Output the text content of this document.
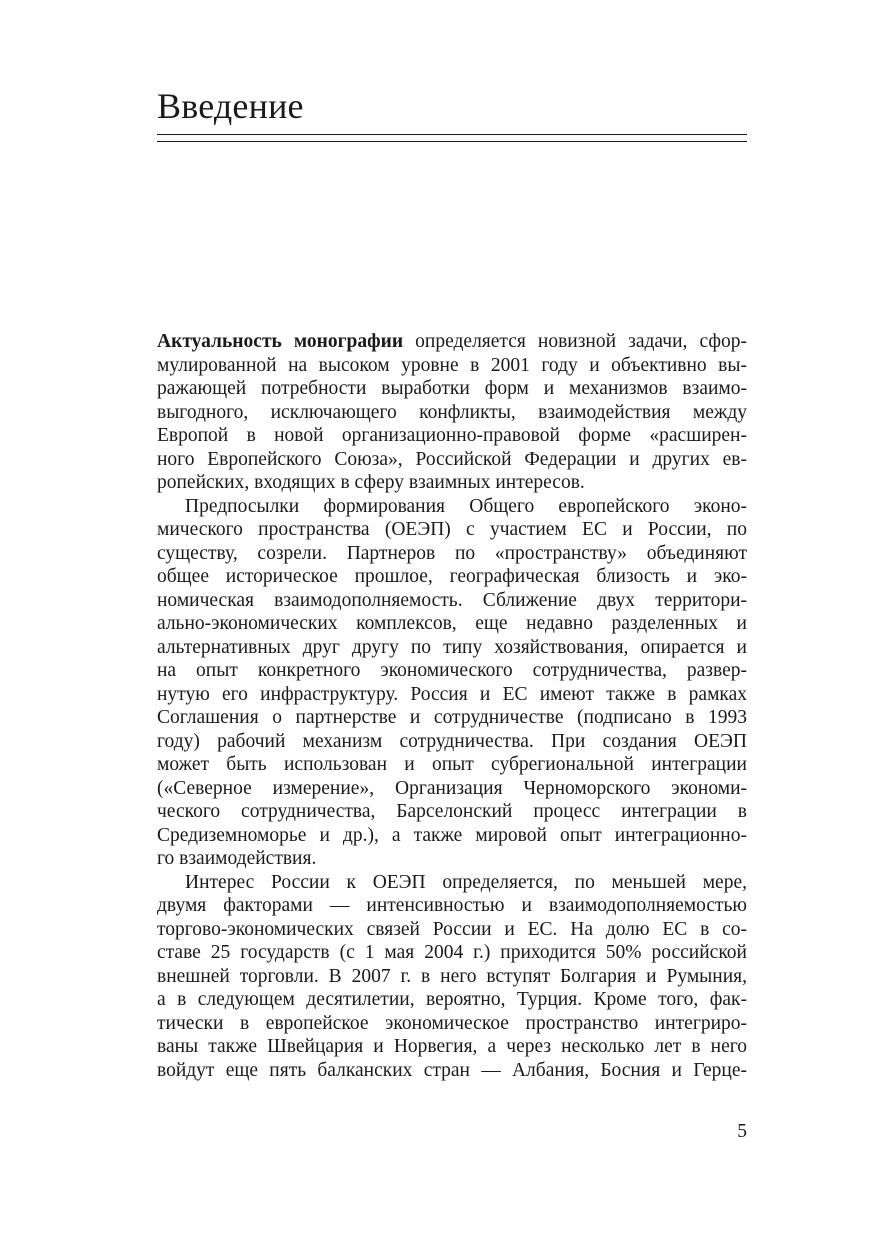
Введение
Актуальность монографии определяется новизной задачи, сфор-
мулированной на высоком уровне в 2001 году и объективно вы-
ражающей потребности выработки форм и механизмов взаимо-
выгодного, исключающего конфликты, взаимодействия между
Европой в новой организационно-правовой форме «расширен-
ного Европейского Союза», Российской Федерации и других ев-
ропейских, входящих в сферу взаимных интересов.
Предпосылки формирования Общего европейского эконо-
мического пространства (ОЕЭП) с участием ЕС и России, по
существу, созрели. Партнеров по «пространству» объединяют
общее историческое прошлое, географическая близость и эко-
номическая взаимодополняемость. Сближение двух территори-
ально-экономических комплексов, еще недавно разделенных и
альтернативных друг другу по типу хозяйствования, опирается и
на опыт конкретного экономического сотрудничества, развер-
нутую его инфраструктуру. Россия и ЕС имеют также в рамках
Соглашения о партнерстве и сотрудничестве (подписано в 1993
году) рабочий механизм сотрудничества. При создания ОЕЭП
может быть использован и опыт субрегиональной интеграции
(«Северное измерение», Организация Черноморского экономи-
ческого сотрудничества, Барселонский процесс интеграции в
Средиземноморье и др.), а также мировой опыт интеграционно-
го взаимодействия.
Интерес России к ОЕЭП определяется, по меньшей мере,
двумя факторами — интенсивностью и взаимодополняемостью
торгово-экономических связей России и ЕС. На долю ЕС в со-
ставе 25 государств (с 1 мая 2004 г.) приходится 50% российской
внешней торговли. В 2007 г. в него вступят Болгария и Румыния,
а в следующем десятилетии, вероятно, Турция. Кроме того, фак-
тически в европейское экономическое пространство интегриро-
ваны также Швейцария и Норвегия, а через несколько лет в него
войдут еще пять балканских стран — Албания, Босния и Герце-
5
